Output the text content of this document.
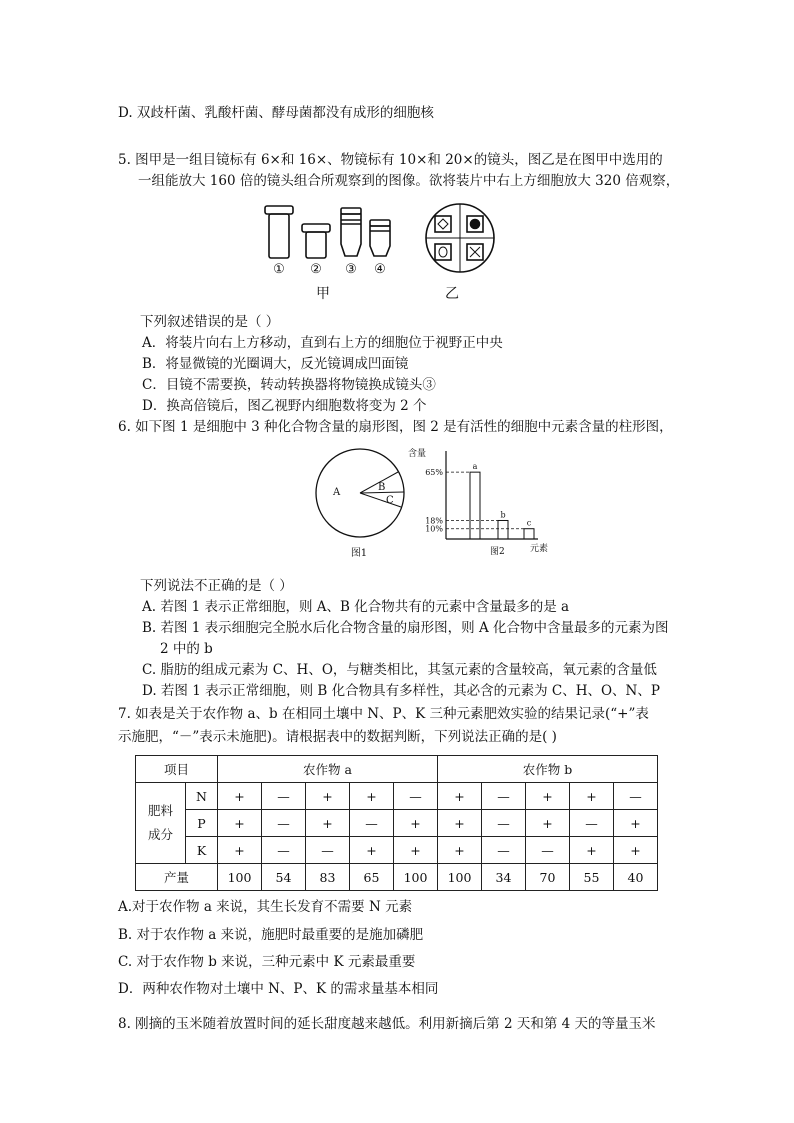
D. 双歧杆菌、乳酸杆菌、酵母菌都没有成形的细胞核
5. 图甲是一组目镜标有 6×和 16×、物镜标有 10×和 20×的镜头，图乙是在图甲中选用的
一组能放大 160 倍的镜头组合所观察到的图像。欲将装片中右上方细胞放大 320 倍观察，
① ② ③ ④
甲	乙
下列叙述错误的是（ ）
A．将装片向右上方移动，直到右上方的细胞位于视野正中央
B．将显微镜的光圈调大，反光镜调成凹面镜
C．目镜不需要换，转动转换器将物镜换成镜头③
D．换高倍镜后，图乙视野内细胞数将变为 2 个
6. 如下图 1 是细胞中 3 种化合物含量的扇形图，图 2 是有活性的细胞中元素含量的柱形图，
A	B
C
图1
含量
元素
图2
65%
a
18%
b
10%
c
下列说法不正确的是（ ）
A. 若图 1 表示正常细胞，则 A、B 化合物共有的元素中含量最多的是 a
B. 若图 1 表示细胞完全脱水后化合物含量的扇形图，则 A 化合物中含量最多的元素为图
2 中的 b
C. 脂肪的组成元素为 C、H、O，与糖类相比，其氢元素的含量较高，氧元素的含量低
D. 若图 1 表示正常细胞，则 B 化合物具有多样性，其必含的元素为 C、H、O、N、P
7. 如表是关于农作物 a、b 在相同土壤中 N、P、K 三种元素肥效实验的结果记录(“+”表
示施肥，“－”表示未施肥)。请根据表中的数据判断，下列说法正确的是( )
项目		农作物 a					农作物 b				
肥料
成分	N	+	—	+	+	—	+	—	+	+	—
	P	+	—	+	—	+	+	—	+	—	+
	K	+	—	—	+	+	+	—	—	+	+
产量		100	54	83	65	100	100	34	70	55	40
A.对于农作物 a 来说，其生长发育不需要 N 元素
B. 对于农作物 a 来说，施肥时最重要的是施加磷肥
C. 对于农作物 b 来说，三种元素中 K 元素最重要
D．两种农作物对土壤中 N、P、K 的需求量基本相同
8. 刚摘的玉米随着放置时间的延长甜度越来越低。利用新摘后第 2 天和第 4 天的等量玉米
